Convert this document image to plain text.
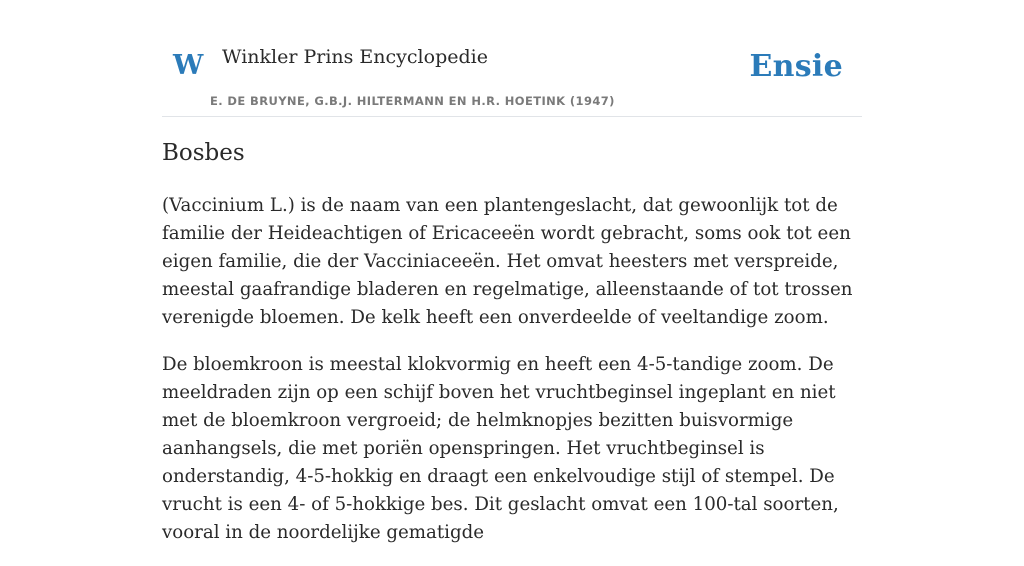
W Winkler Prins Encyclopedie
E. DE BRUYNE, G.B.J. HILTERMANN EN H.R. HOETINK (1947)
Ensie
Bosbes

(Vaccinium L.) is de naam van een plantengeslacht, dat gewoonlijk tot de familie der Heideachtigen of Ericaceeën wordt gebracht, soms ook tot een eigen familie, die der Vacciniaceeën. Het omvat heesters met verspreide, meestal gaafrandige bladeren en regelmatige, alleenstaande of tot trossen verenigde bloemen. De kelk heeft een onverdeelde of veeltandige zoom.

De bloemkroon is meestal klokvormig en heeft een 4-5-tandige zoom. De meeldraden zijn op een schijf boven het vruchtbeginsel ingeplant en niet met de bloemkroon vergroeid; de helmknopjes bezitten buisvormige aanhangsels, die met poriën openspringen. Het vruchtbeginsel is onderstandig, 4-5-hokkig en draagt een enkelvoudige stijl of stempel. De vrucht is een 4- of 5-hokkige bes. Dit geslacht omvat een 100-tal soorten, vooral in de noordelijke gematigde
